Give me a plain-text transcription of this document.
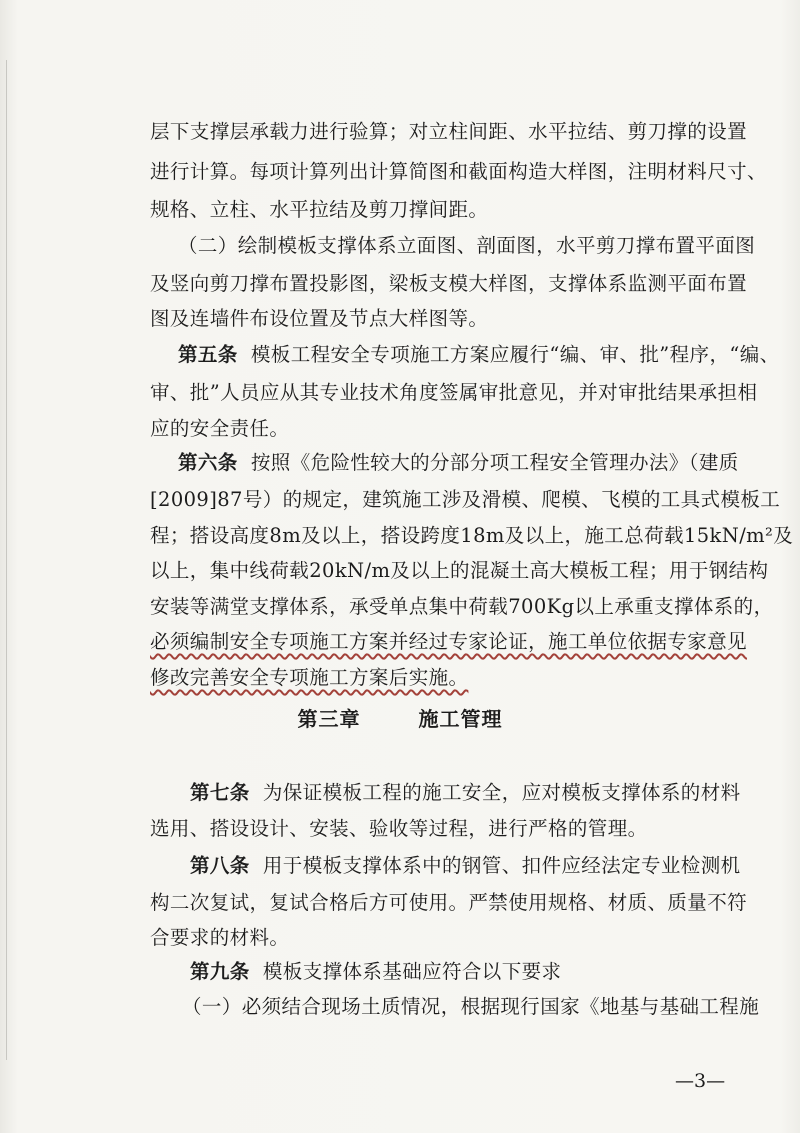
层下支撑层承载力进行验算；对立柱间距、水平拉结、剪刀撑的设置
进行计算。每项计算列出计算简图和截面构造大样图，注明材料尺寸、
规格、立柱、水平拉结及剪刀撑间距。
（二）绘制模板支撑体系立面图、剖面图，水平剪刀撑布置平面图
及竖向剪刀撑布置投影图，梁板支模大样图，支撑体系监测平面布置
图及连墙件布设位置及节点大样图等。
第五条 模板工程安全专项施工方案应履行“编、审、批”程序，“编、
审、批”人员应从其专业技术角度签属审批意见，并对审批结果承担相
应的安全责任。
第六条 按照《危险性较大的分部分项工程安全管理办法》（建质
[2009]87号）的规定，建筑施工涉及滑模、爬模、飞模的工具式模板工
程；搭设高度8m及以上，搭设跨度18m及以上，施工总荷载15kN/m²及
以上，集中线荷载20kN/m及以上的混凝土高大模板工程；用于钢结构
安装等满堂支撑体系，承受单点集中荷载700Kg以上承重支撑体系的，
必须编制安全专项施工方案并经过专家论证，施工单位依据专家意见
修改完善安全专项施工方案后实施。
第三章	施工管理
第七条 为保证模板工程的施工安全，应对模板支撑体系的材料
选用、搭设设计、安装、验收等过程，进行严格的管理。
第八条 用于模板支撑体系中的钢管、扣件应经法定专业检测机
构二次复试，复试合格后方可使用。严禁使用规格、材质、质量不符
合要求的材料。
第九条 模板支撑体系基础应符合以下要求
（一）必须结合现场土质情况，根据现行国家《地基与基础工程施
—3—
